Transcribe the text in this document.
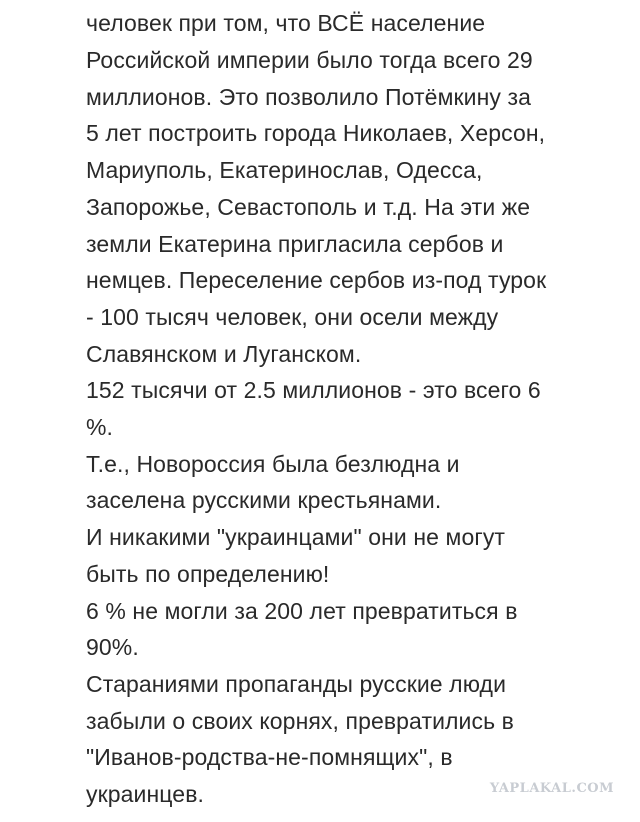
человек при том, что ВСЁ население
Российской империи было тогда всего 29
миллионов. Это позволило Потёмкину за
5 лет построить города Николаев, Херсон,
Мариуполь, Екатеринослав, Одесса,
Запорожье, Севастополь и т.д. На эти же
земли Екатерина пригласила сербов и
немцев. Переселение сербов из-под турок
- 100 тысяч человек, они осели между
Славянском и Луганском.
152 тысячи от 2.5 миллионов - это всего 6
%.
Т.е., Новороссия была безлюдна и
заселена русскими крестьянами.
И никакими "украинцами" они не могут
быть по определению!
6 % не могли за 200 лет превратиться в
90%.
Стараниями пропаганды русские люди
забыли о своих корнях, превратились в
"Иванов-родства-не-помнящих", в
украинцев.	YAPLAKAL.COM
